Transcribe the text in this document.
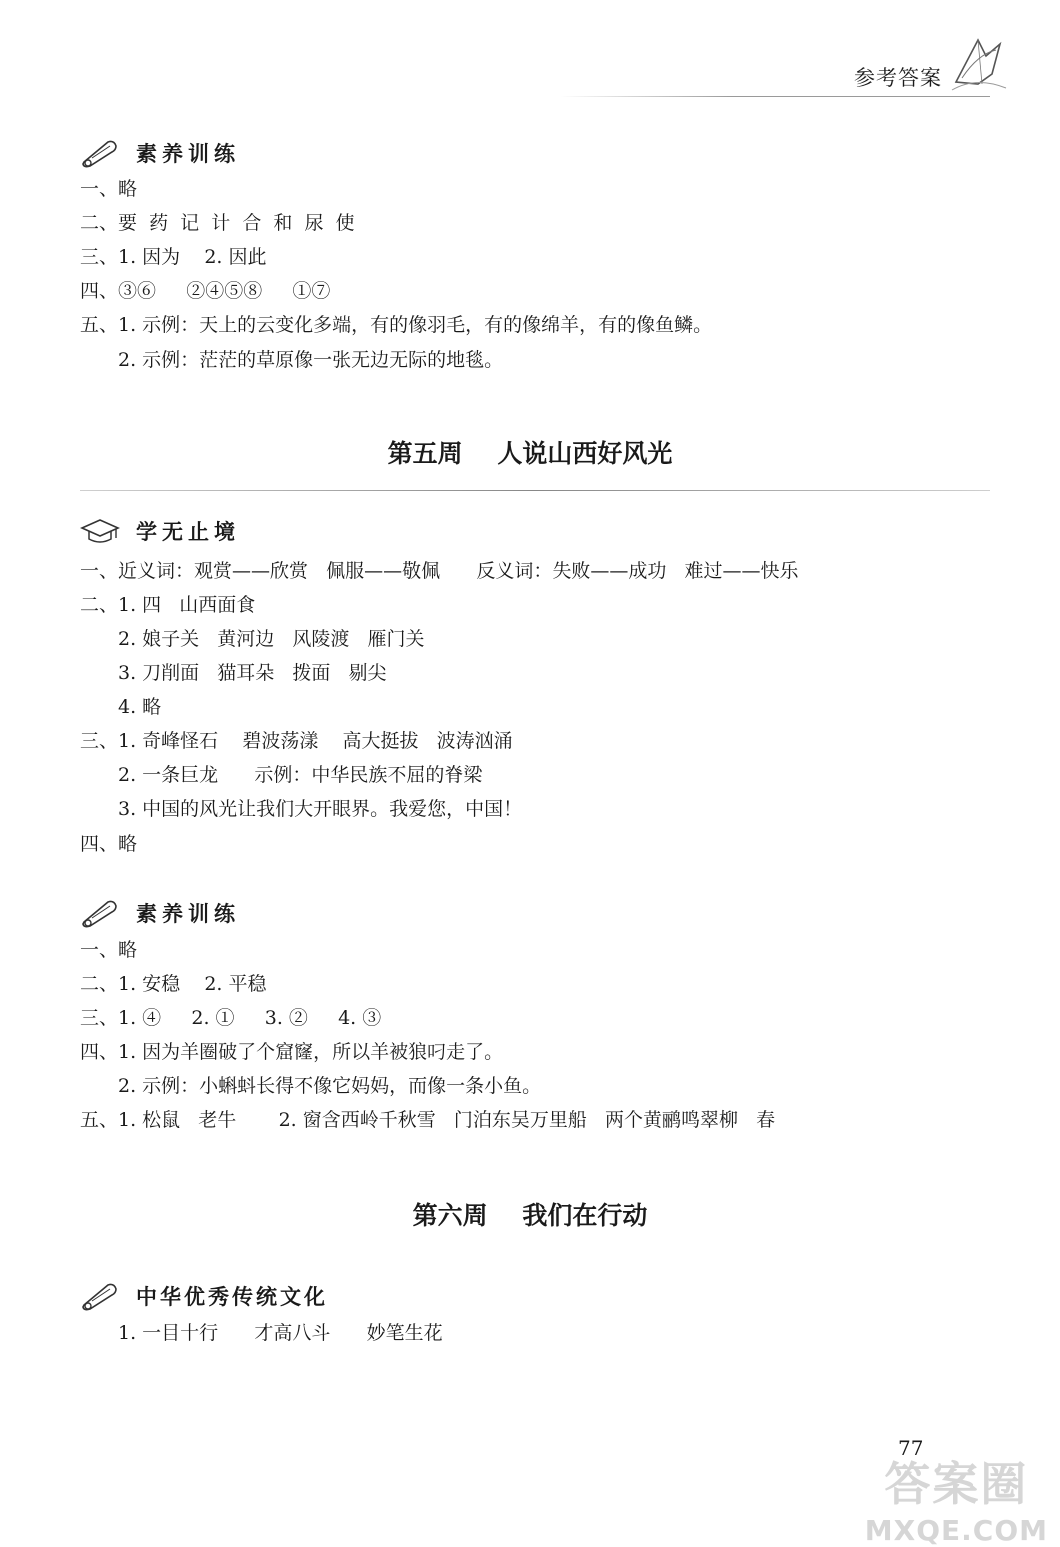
参考答案
素养训练
一、略
二、要  药  记  计  合  和  尿  使
三、1. 因为    2. 因此
四、③⑥     ②④⑤⑧     ①⑦
五、1. 示例：天上的云变化多端，有的像羽毛，有的像绵羊，有的像鱼鳞。
2. 示例：茫茫的草原像一张无边无际的地毯。
第五周    人说山西好风光
学无止境
一、近义词：观赏——欣赏   佩服——敬佩      反义词：失败——成功   难过——快乐
二、1. 四   山西面食
2. 娘子关   黄河边   风陵渡   雁门关
3. 刀削面   猫耳朵   拨面   剔尖
4. 略
三、1. 奇峰怪石    碧波荡漾    高大挺拔   波涛汹涌
2. 一条巨龙      示例：中华民族不屈的脊梁
3. 中国的风光让我们大开眼界。我爱您，中国！
四、略
素养训练
一、略
二、1. 安稳    2. 平稳
三、1. ④     2. ①     3. ②     4. ③
四、1. 因为羊圈破了个窟窿，所以羊被狼叼走了。
2. 示例：小蝌蚪长得不像它妈妈，而像一条小鱼。
五、1. 松鼠   老牛       2. 窗含西岭千秋雪   门泊东吴万里船   两个黄鹂鸣翠柳   春
第六周    我们在行动
中华优秀传统文化
1. 一目十行      才高八斗      妙笔生花
77
答案圈
MXQE.COM
